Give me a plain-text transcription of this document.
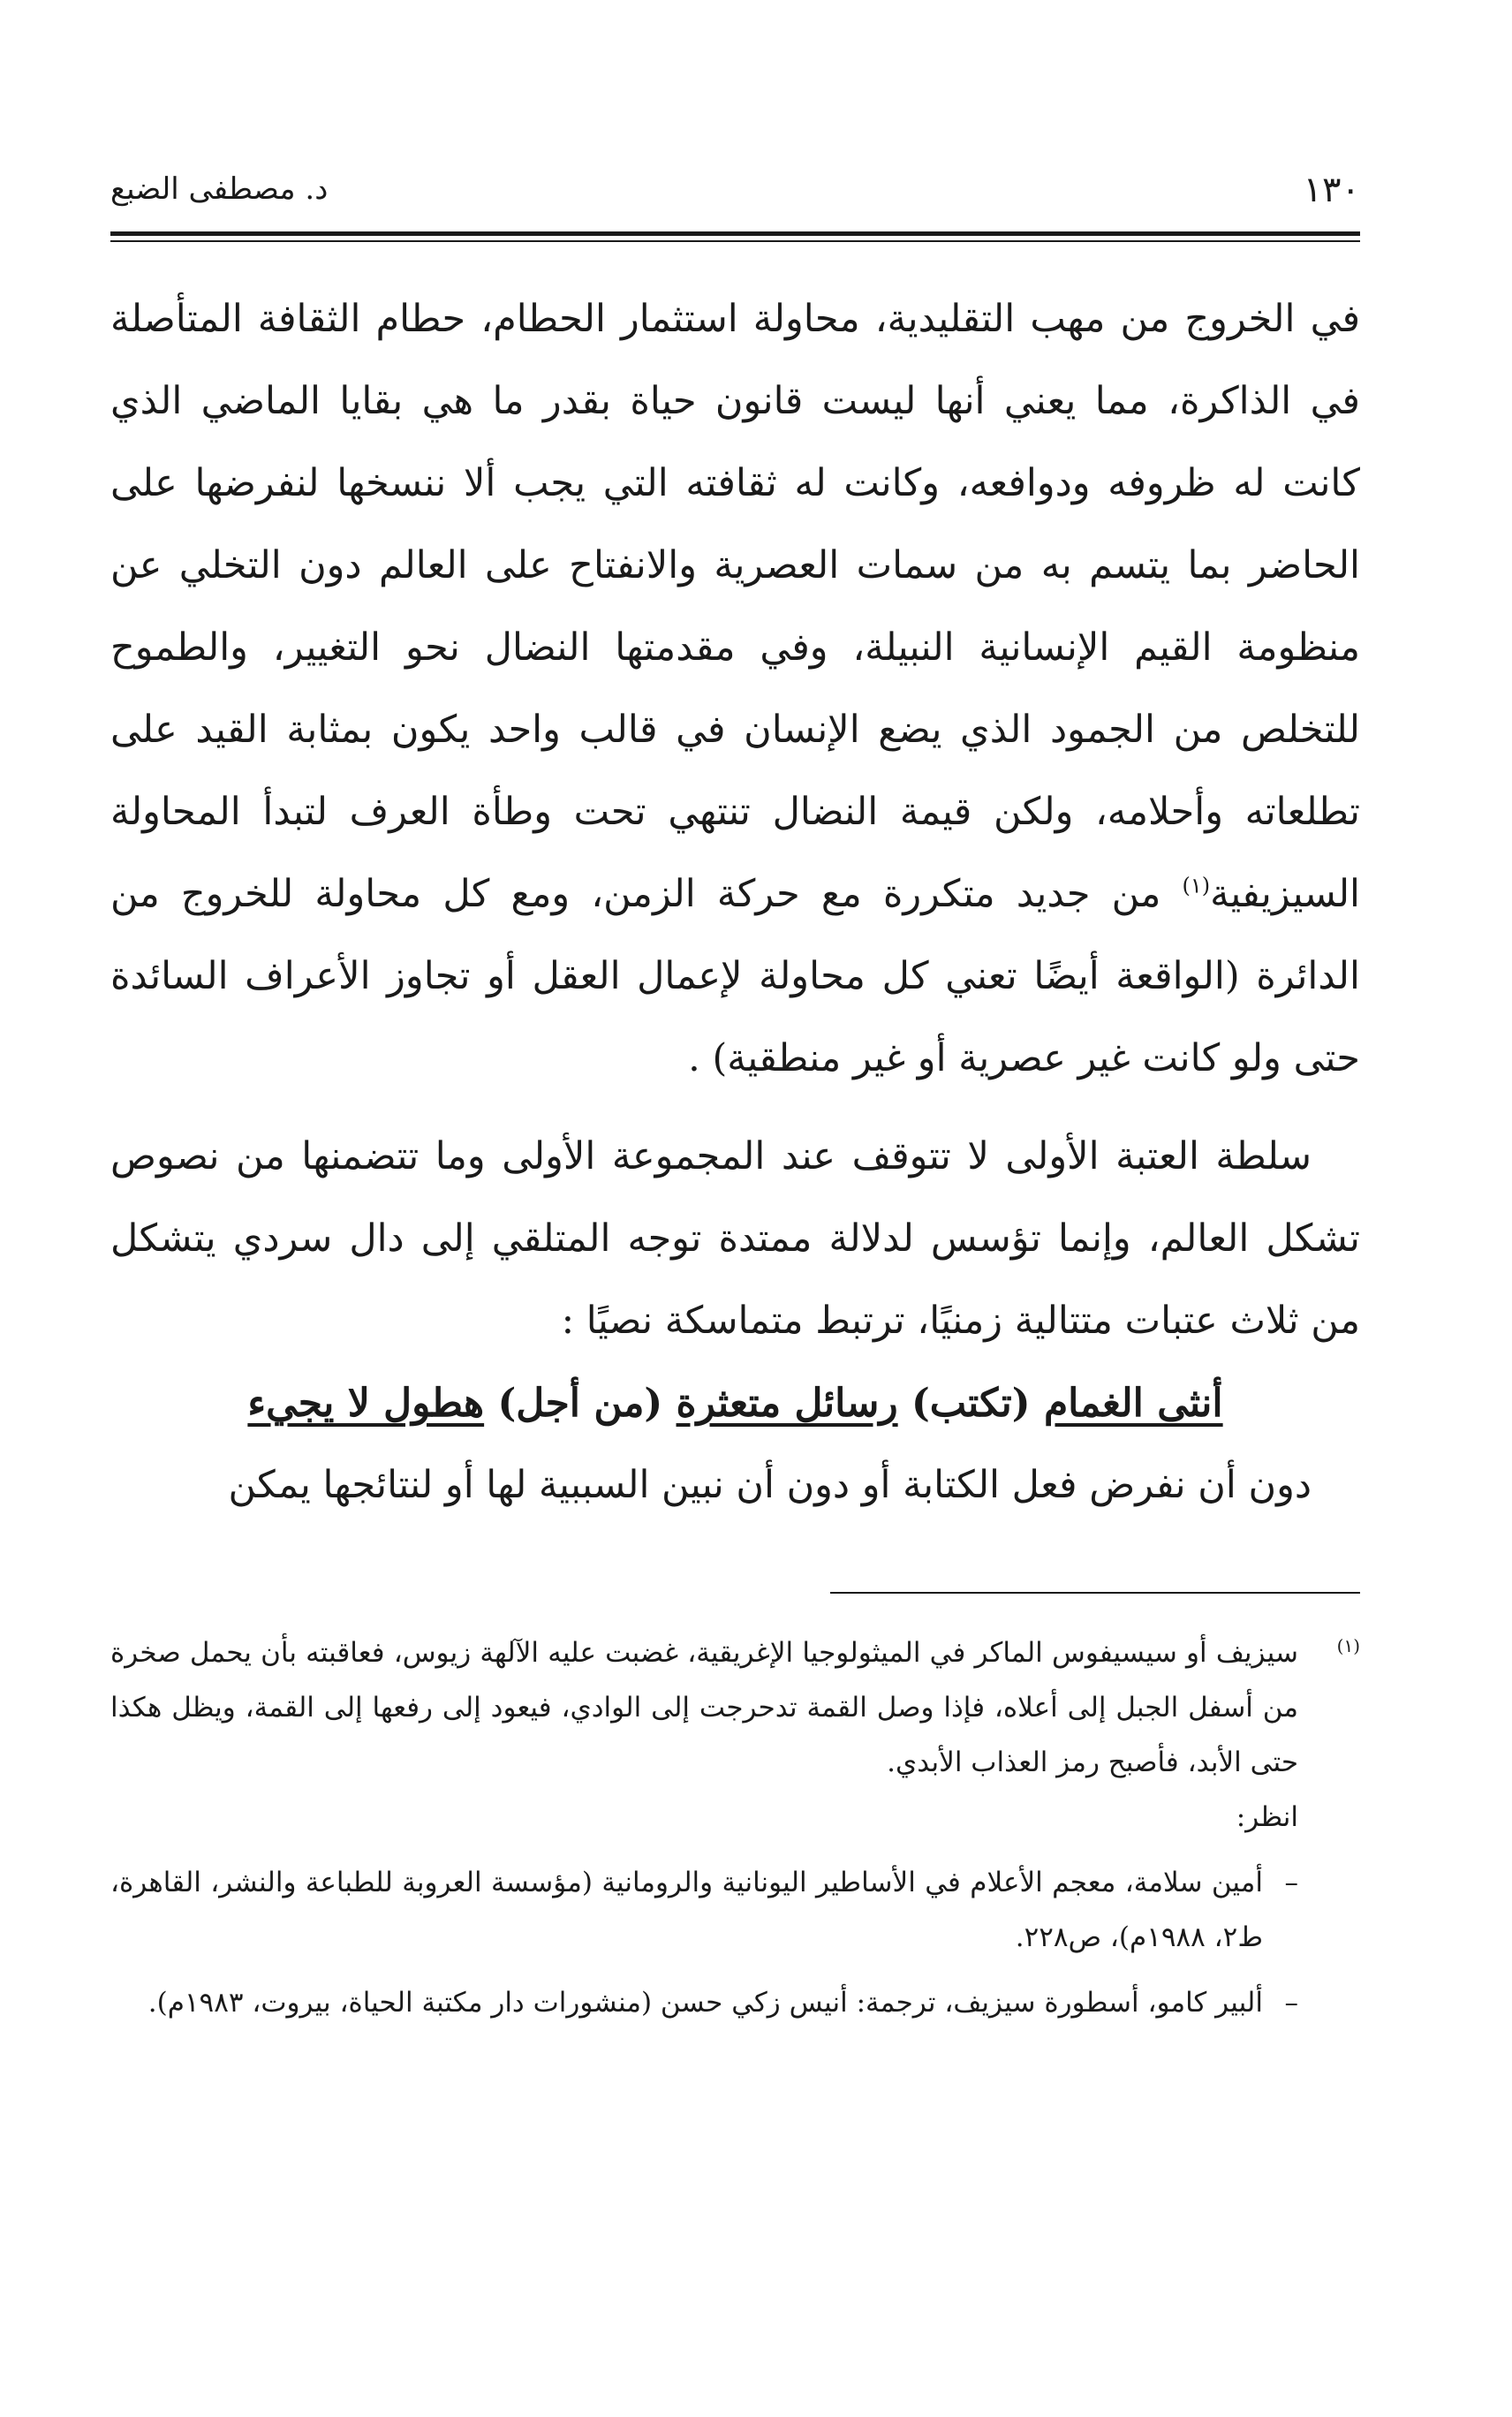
١٣٠
د. مصطفى الضبع

في الخروج من مهب التقليدية، محاولة استثمار الحطام، حطام الثقافة المتأصلة في الذاكرة، مما يعني أنها ليست قانون حياة بقدر ما هي بقايا الماضي الذي كانت له ظروفه ودوافعه، وكانت له ثقافته التي يجب ألا ننسخها لنفرضها على الحاضر بما يتسم به من سمات العصرية والانفتاح على العالم دون التخلي عن منظومة القيم الإنسانية النبيلة، وفي مقدمتها النضال نحو التغيير، والطموح للتخلص من الجمود الذي يضع الإنسان في قالب واحد يكون بمثابة القيد على تطلعاته وأحلامه، ولكن قيمة النضال تنتهي تحت وطأة العرف لتبدأ المحاولة السيزيفية$^{(١)}$ من جديد متكررة مع حركة الزمن، ومع كل محاولة للخروج من الدائرة (الواقعة أيضًا تعني كل محاولة لإعمال العقل أو تجاوز الأعراف السائدة حتى ولو كانت غير عصرية أو غير منطقية) .

سلطة العتبة الأولى لا تتوقف عند المجموعة الأولى وما تتضمنها من نصوص تشكل العالم، وإنما تؤسس لدلالة ممتدة توجه المتلقي إلى دال سردي يتشكل من ثلاث عتبات متتالية زمنيًا، ترتبط متماسكة نصيًا :

أنثى الغمام (تكتب) رسائل متعثرة (من أجل) هطول لا يجيء

دون أن نفرض فعل الكتابة أو دون أن نبين السببية لها أو لنتائجها يمكن

(١)
سيزيف أو سيسيفوس الماكر في الميثولوجيا الإغريقية، غضبت عليه الآلهة زيوس، فعاقبته بأن يحمل صخرة من أسفل الجبل إلى أعلاه، فإذا وصل القمة تدحرجت إلى الوادي، فيعود إلى رفعها إلى القمة، ويظل هكذا حتى الأبد، فأصبح رمز العذاب الأبدي.

انظر:

–
أمين سلامة، معجم الأعلام في الأساطير اليونانية والرومانية (مؤسسة العروبة للطباعة والنشر، القاهرة، ط٢، ١٩٨٨م)، ص٢٢٨.

–
ألبير كامو، أسطورة سيزيف، ترجمة: أنيس زكي حسن (منشورات دار مكتبة الحياة، بيروت، ١٩٨٣م).
